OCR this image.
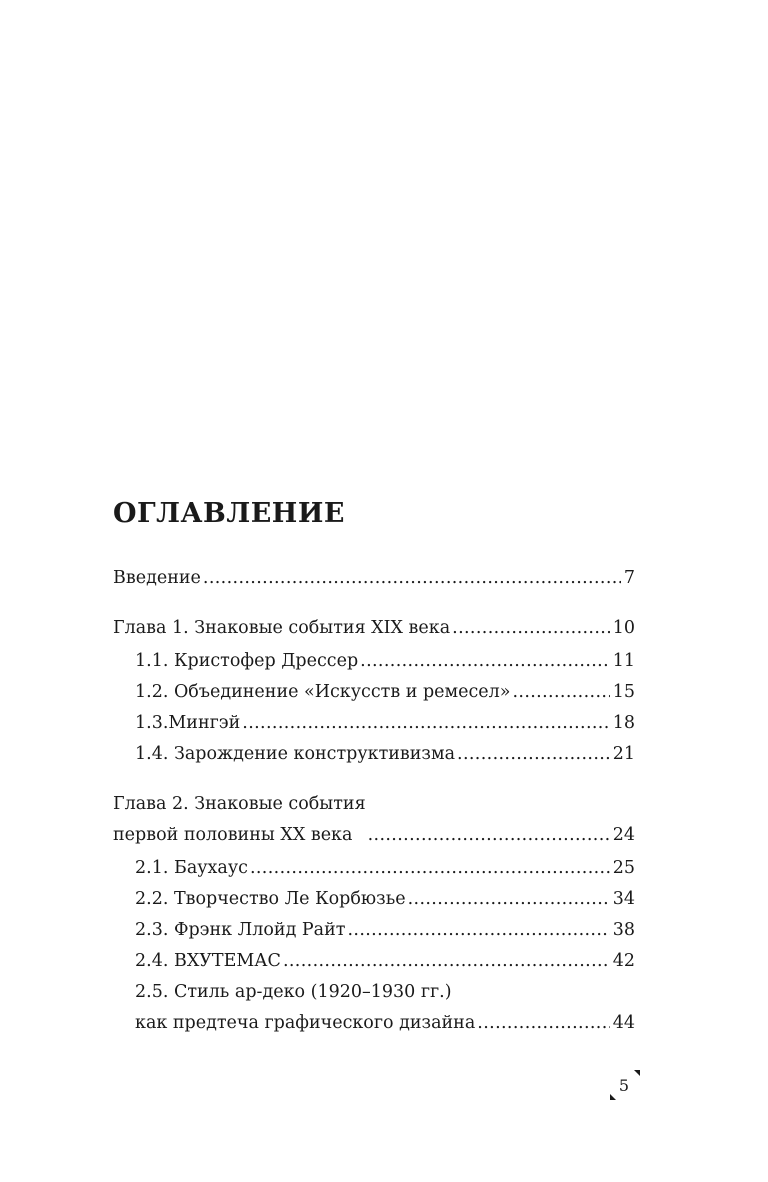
ОГЛАВЛЕНИЕ
Введение . . .	7
Глава 1. Знаковые события XIX века . . .	10
1.1. Кристофер Дрессер . . .	11
1.2. Объединение «Искусств и ремесел» . . .	15
1.3.Мингэй . . .	18
1.4. Зарождение конструктивизма . . .	21
Глава 2. Знаковые события
первой половины XX века . . .	24
2.1. Баухаус . . .	25
2.2. Творчество Ле Корбюзье . . .	34
2.3. Фрэнк Ллойд Райт . . .	38
2.4. ВХУТЕМАС . . .	42
2.5. Стиль ар-деко (1920–1930 гг.)
как предтеча графического дизайна . . .	44
5
